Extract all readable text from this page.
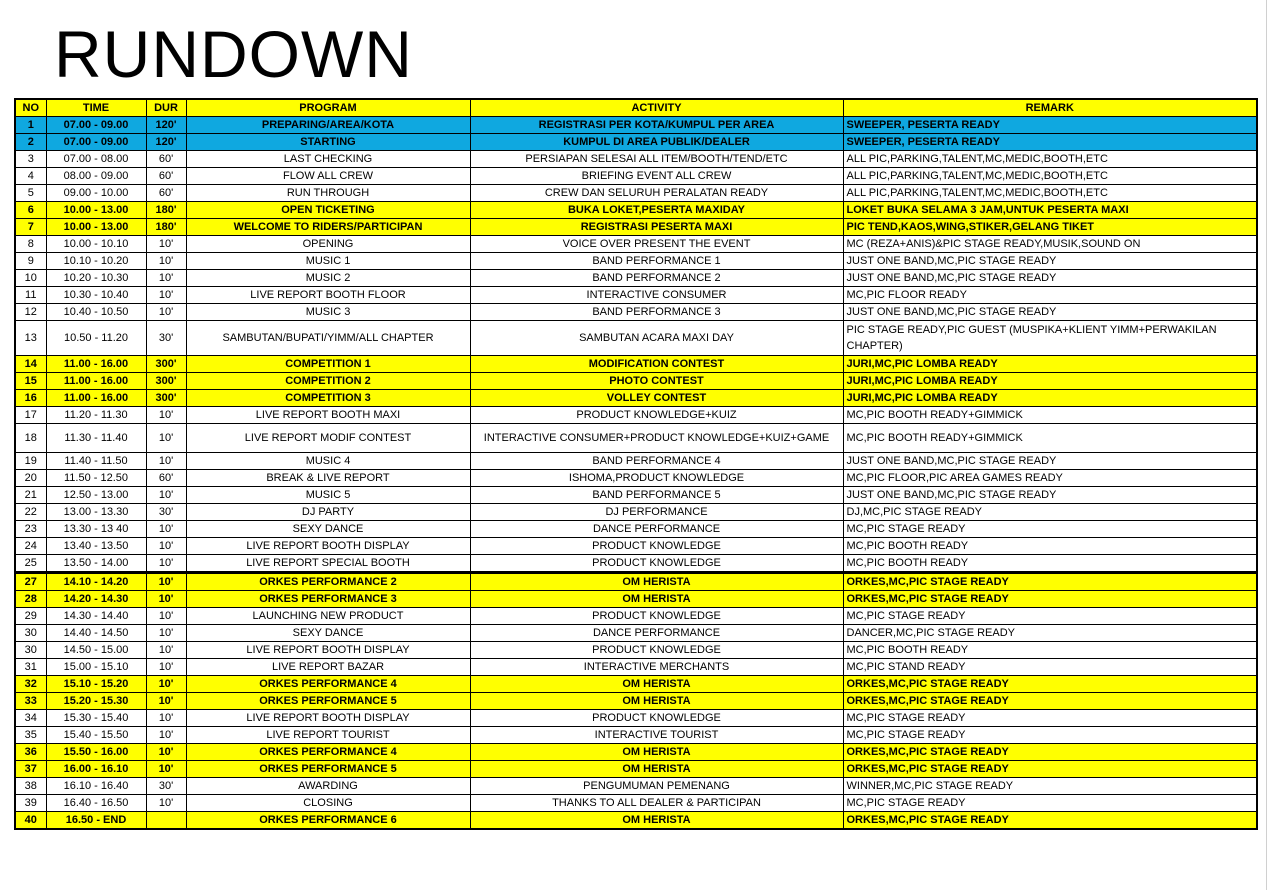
RUNDOWN
NO	TIME	DUR	PROGRAM	ACTIVITY	REMARK
1	07.00 - 09.00	120'	PREPARING/AREA/KOTA	REGISTRASI PER KOTA/KUMPUL PER AREA	SWEEPER, PESERTA READY
2	07.00 - 09.00	120'	STARTING	KUMPUL DI AREA PUBLIK/DEALER	SWEEPER, PESERTA READY
3	07.00 - 08.00	60'	LAST CHECKING	PERSIAPAN SELESAI ALL ITEM/BOOTH/TEND/ETC	ALL PIC,PARKING,TALENT,MC,MEDIC,BOOTH,ETC
4	08.00 - 09.00	60'	FLOW ALL CREW	BRIEFING EVENT ALL CREW	ALL PIC,PARKING,TALENT,MC,MEDIC,BOOTH,ETC
5	09.00 - 10.00	60'	RUN THROUGH	CREW DAN SELURUH PERALATAN READY	ALL PIC,PARKING,TALENT,MC,MEDIC,BOOTH,ETC
6	10.00 - 13.00	180'	OPEN TICKETING	BUKA LOKET,PESERTA MAXIDAY	LOKET BUKA SELAMA 3 JAM,UNTUK PESERTA MAXI
7	10.00 - 13.00	180'	WELCOME TO RIDERS/PARTICIPAN	REGISTRASI PESERTA MAXI	PIC TEND,KAOS,WING,STIKER,GELANG TIKET
8	10.00 - 10.10	10'	OPENING	VOICE OVER PRESENT THE EVENT	MC (REZA+ANIS)&PIC STAGE READY,MUSIK,SOUND ON
9	10.10 - 10.20	10'	MUSIC 1	BAND PERFORMANCE 1	JUST ONE BAND,MC,PIC STAGE READY
10	10.20 - 10.30	10'	MUSIC 2	BAND PERFORMANCE 2	JUST ONE BAND,MC,PIC STAGE READY
11	10.30 - 10.40	10'	LIVE REPORT BOOTH FLOOR	INTERACTIVE CONSUMER	MC,PIC FLOOR READY
12	10.40 - 10.50	10'	MUSIC 3	BAND PERFORMANCE 3	JUST ONE BAND,MC,PIC STAGE READY
13	10.50 - 11.20	30'	SAMBUTAN/BUPATI/YIMM/ALL CHAPTER	SAMBUTAN ACARA MAXI DAY	PIC STAGE READY,PIC GUEST (MUSPIKA+KLIENT YIMM+PERWAKILAN CHAPTER)
14	11.00 - 16.00	300'	COMPETITION 1	MODIFICATION CONTEST	JURI,MC,PIC LOMBA READY
15	11.00 - 16.00	300'	COMPETITION 2	PHOTO CONTEST	JURI,MC,PIC LOMBA READY
16	11.00 - 16.00	300'	COMPETITION 3	VOLLEY CONTEST	JURI,MC,PIC LOMBA READY
17	11.20 - 11.30	10'	LIVE REPORT BOOTH MAXI	PRODUCT KNOWLEDGE+KUIZ	MC,PIC BOOTH READY+GIMMICK
18	11.30 - 11.40	10'	LIVE REPORT MODIF CONTEST	INTERACTIVE CONSUMER+PRODUCT KNOWLEDGE+KUIZ+GAME	MC,PIC BOOTH READY+GIMMICK
19	11.40 - 11.50	10'	MUSIC 4	BAND PERFORMANCE 4	JUST ONE BAND,MC,PIC STAGE READY
20	11.50 - 12.50	60'	BREAK & LIVE REPORT	ISHOMA,PRODUCT KNOWLEDGE	MC,PIC FLOOR,PIC AREA GAMES READY
21	12.50 - 13.00	10'	MUSIC 5	BAND PERFORMANCE 5	JUST ONE BAND,MC,PIC STAGE READY
22	13.00 - 13.30	30'	DJ PARTY	DJ PERFORMANCE	DJ,MC,PIC STAGE READY
23	13.30 - 13 40	10'	SEXY DANCE	DANCE PERFORMANCE	MC,PIC STAGE READY
24	13.40 - 13.50	10'	LIVE REPORT BOOTH DISPLAY	PRODUCT KNOWLEDGE	MC,PIC BOOTH READY
25	13.50 - 14.00	10'	LIVE REPORT SPECIAL BOOTH	PRODUCT KNOWLEDGE	MC,PIC BOOTH READY
27	14.10 - 14.20	10'	ORKES PERFORMANCE 2	OM HERISTA	ORKES,MC,PIC STAGE READY
28	14.20 - 14.30	10'	ORKES PERFORMANCE 3	OM HERISTA	ORKES,MC,PIC STAGE READY
29	14.30 - 14.40	10'	LAUNCHING NEW PRODUCT	PRODUCT KNOWLEDGE	MC,PIC STAGE READY
30	14.40 - 14.50	10'	SEXY DANCE	DANCE PERFORMANCE	DANCER,MC,PIC STAGE READY
30	14.50 - 15.00	10'	LIVE REPORT BOOTH DISPLAY	PRODUCT KNOWLEDGE	MC,PIC BOOTH READY
31	15.00 - 15.10	10'	LIVE REPORT BAZAR	INTERACTIVE MERCHANTS	MC,PIC STAND READY
32	15.10 - 15.20	10'	ORKES PERFORMANCE 4	OM HERISTA	ORKES,MC,PIC STAGE READY
33	15.20 - 15.30	10'	ORKES PERFORMANCE 5	OM HERISTA	ORKES,MC,PIC STAGE READY
34	15.30 - 15.40	10'	LIVE REPORT BOOTH DISPLAY	PRODUCT KNOWLEDGE	MC,PIC STAGE READY
35	15.40 - 15.50	10'	LIVE REPORT TOURIST	INTERACTIVE TOURIST	MC,PIC STAGE READY
36	15.50 - 16.00	10'	ORKES PERFORMANCE 4	OM HERISTA	ORKES,MC,PIC STAGE READY
37	16.00 - 16.10	10'	ORKES PERFORMANCE 5	OM HERISTA	ORKES,MC,PIC STAGE READY
38	16.10 - 16.40	30'	AWARDING	PENGUMUMAN PEMENANG	WINNER,MC,PIC STAGE READY
39	16.40 - 16.50	10'	CLOSING	THANKS TO ALL DEALER & PARTICIPAN	MC,PIC STAGE READY
40	16.50 - END		ORKES PERFORMANCE 6	OM HERISTA	ORKES,MC,PIC STAGE READY
